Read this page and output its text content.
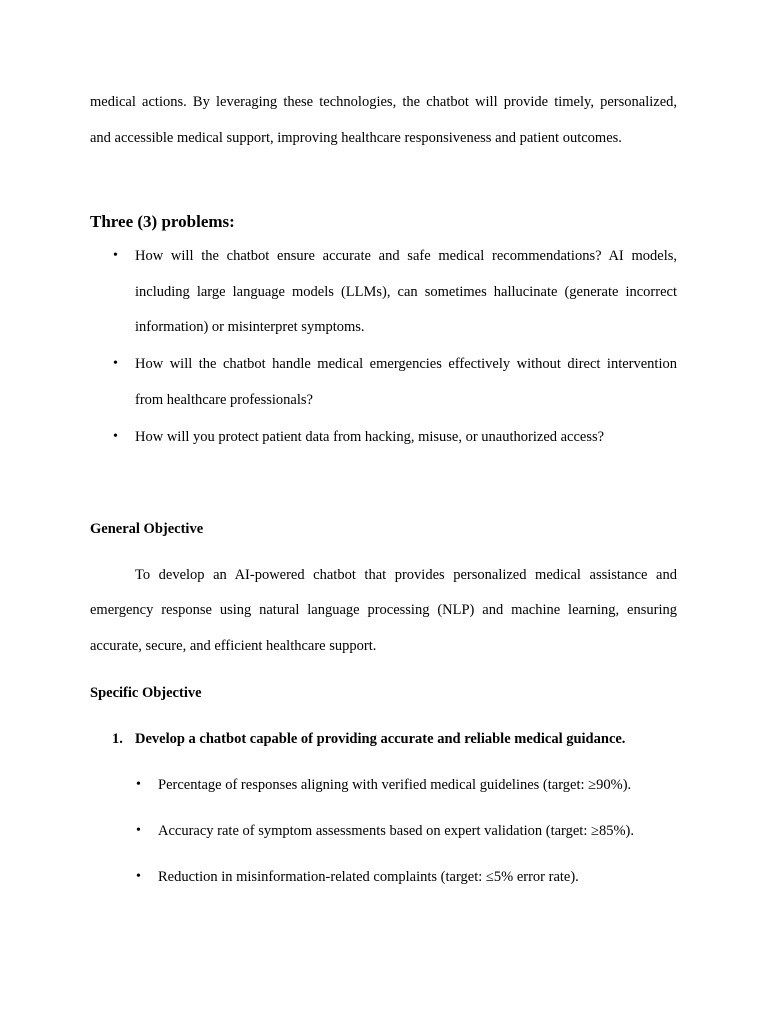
medical actions. By leveraging these technologies, the chatbot will provide timely, personalized,
and accessible medical support, improving healthcare responsiveness and patient outcomes.
Three (3) problems:
• How will the chatbot ensure accurate and safe medical recommendations? AI models,
including large language models (LLMs), can sometimes hallucinate (generate incorrect
information) or misinterpret symptoms.
• How will the chatbot handle medical emergencies effectively without direct intervention
from healthcare professionals?
• How will you protect patient data from hacking, misuse, or unauthorized access?
General Objective
To develop an AI-powered chatbot that provides personalized medical assistance and
emergency response using natural language processing (NLP) and machine learning, ensuring
accurate, secure, and efficient healthcare support.
Specific Objective
1. Develop a chatbot capable of providing accurate and reliable medical guidance.
• Percentage of responses aligning with verified medical guidelines (target: ≥90%).
• Accuracy rate of symptom assessments based on expert validation (target: ≥85%).
• Reduction in misinformation-related complaints (target: ≤5% error rate).
